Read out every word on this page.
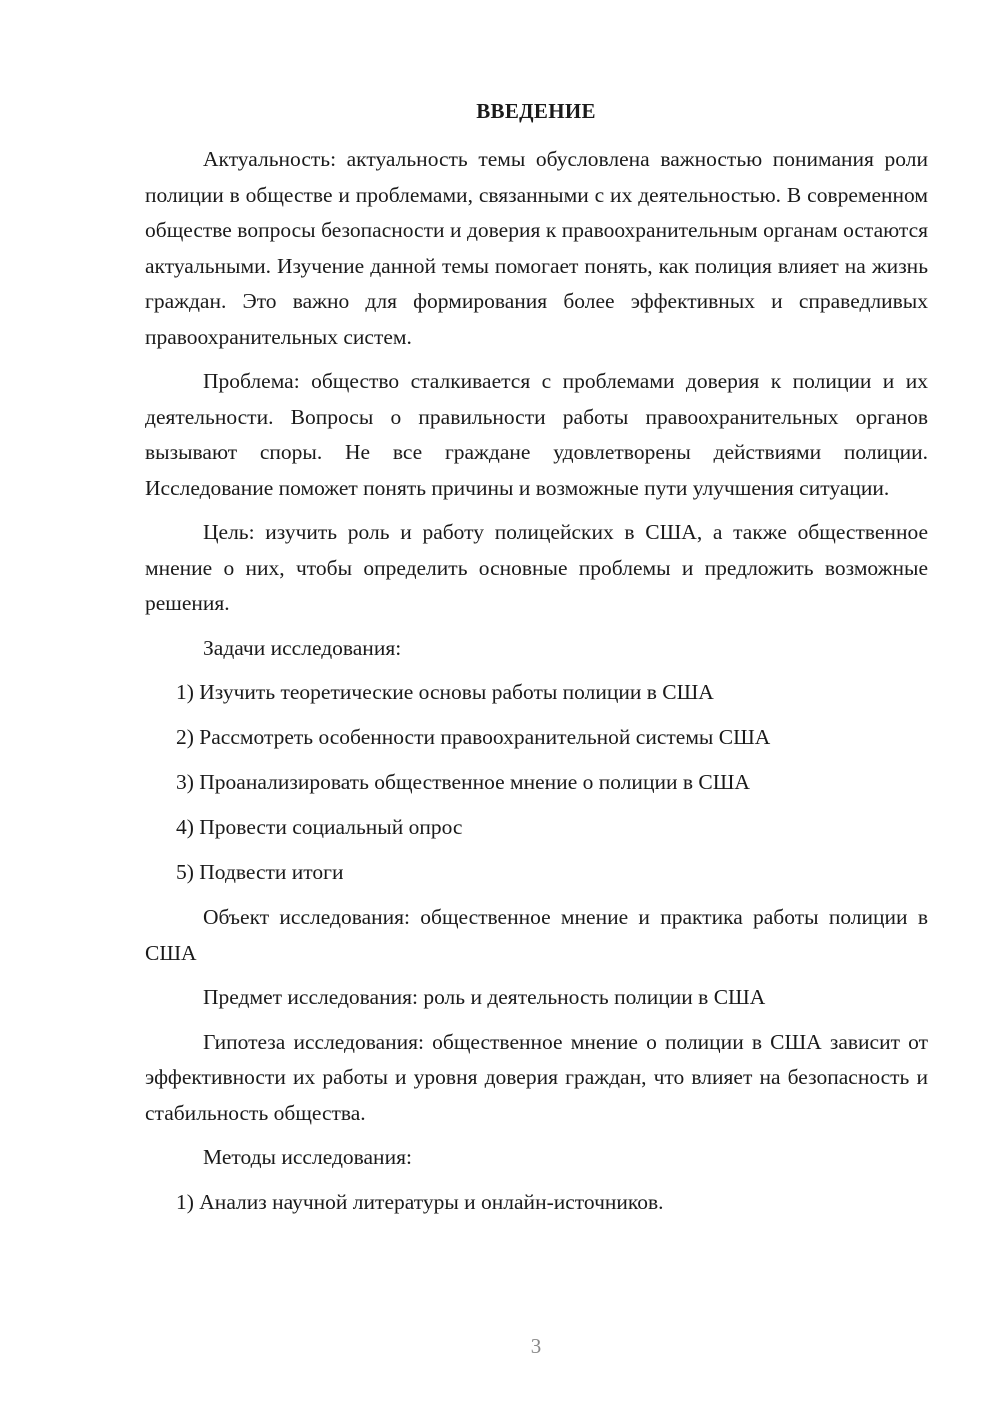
ВВЕДЕНИЕ

Актуальность: актуальность темы обусловлена важностью понимания роли полиции в обществе и проблемами, связанными с их деятельностью. В современном обществе вопросы безопасности и доверия к правоохранительным органам остаются актуальными. Изучение данной темы помогает понять, как полиция влияет на жизнь граждан. Это важно для формирования более эффективных и справедливых правоохранительных систем.

Проблема: общество сталкивается с проблемами доверия к полиции и их деятельности. Вопросы о правильности работы правоохранительных органов вызывают споры. Не все граждане удовлетворены действиями полиции. Исследование поможет понять причины и возможные пути улучшения ситуации.

Цель: изучить роль и работу полицейских в США, а также общественное мнение о них, чтобы определить основные проблемы и предложить возможные решения.

Задачи исследования:

1) Изучить теоретические основы работы полиции в США
2) Рассмотреть особенности правоохранительной системы США
3) Проанализировать общественное мнение о полиции в США
4) Провести социальный опрос
5) Подвести итоги

Объект исследования: общественное мнение и практика работы полиции в США

Предмет исследования: роль и деятельность полиции в США

Гипотеза исследования: общественное мнение о полиции в США зависит от эффективности их работы и уровня доверия граждан, что влияет на безопасность и стабильность общества.

Методы исследования:

1) Анализ научной литературы и онлайн-источников.
3
